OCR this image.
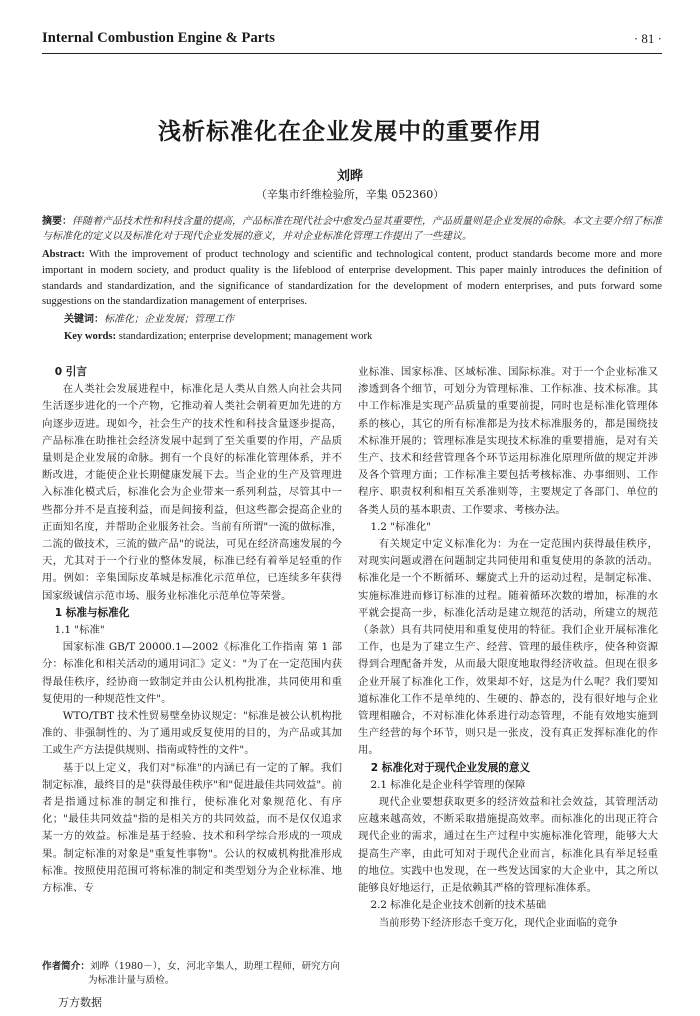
Internal Combustion Engine & Parts	· 81 ·
浅析标准化在企业发展中的重要作用
刘晔
（辛集市纤维检验所，辛集 052360）

摘要：伴随着产品技术性和科技含量的提高，产品标准在现代社会中愈发凸显其重要性，产品质量则是企业发展的命脉。本文主要介绍了标准与标准化的定义以及标准化对于现代企业发展的意义，并对企业标准化管理工作提出了一些建议。

Abstract: With the improvement of product technology and scientific and technological content, product standards become more and more important in modern society, and product quality is the lifeblood of enterprise development. This paper mainly introduces the definition of standards and standardization, and the significance of standardization for the development of modern enterprises, and puts forward some suggestions on the standardization management of enterprises.

关键词：标准化；企业发展；管理工作

Key words: standardization; enterprise development; management work

0 引言

在人类社会发展进程中，标准化是人类从自然人向社会共同生活逐步进化的一个产物，它推动着人类社会朝着更加先进的方向逐步迈进。现如今，社会生产的技术性和科技含量逐步提高，产品标准在助推社会经济发展中起到了至关重要的作用，产品质量则是企业发展的命脉。拥有一个良好的标准化管理体系，并不断改进，才能使企业长期健康发展下去。当企业的生产及管理进入标准化模式后，标准化会为企业带来一系列利益，尽管其中一些都分并不是直接利益，而是间接利益，但这些都会提高企业的正面知名度，并帮助企业服务社会。当前有所谓"一流的做标准，二流的做技术，三流的做产品"的说法，可见在经济高速发展的今天，尤其对于一个行业的整体发展，标准已经有着举足轻重的作用。例如：辛集国际皮革城是标准化示范单位，已连续多年获得国家级诚信示范市场、服务业标准化示范单位等荣誉。

1 标准与标准化

1.1 "标准"

国家标准 GB/T 20000.1—2002《标准化工作指南 第 1 部分：标准化和相关活动的通用词汇》定义："为了在一定范围内获得最佳秩序，经协商一致制定并由公认机构批准，共同使用和重复使用的一种规范性文件"。

WTO/TBT 技术性贸易壁垒协议规定："标准是被公认机构批准的、非强制性的、为了通用或反复使用的目的，为产品或其加工或生产方法提供规则、指南或特性的文件"。

基于以上定义，我们对"标准"的内涵已有一定的了解。我们制定标准，最终目的是"获得最佳秩序"和"促进最佳共同效益"。前者是指通过标准的制定和推行，使标准化对象规范化、有序化；"最佳共同效益"指的是相关方的共同效益，而不是仅仅追求某一方的效益。标准是基于经验、技术和科学综合形成的一项成果。制定标准的对象是"重复性事物"。公认的权威机构批准形成标准。按照使用范围可将标准的制定和类型划分为企业标准、地方标准、专

业标准、国家标准、区域标准、国际标准。对于一个企业标准又渗透到各个细节，可划分为管理标准、工作标准、技术标准。其中工作标准是实现产品质量的重要前提，同时也是标准化管理体系的核心，其它的所有标准都是为技术标准服务的，都是围绕技术标准开展的；管理标准是实现技术标准的重要措施，是对有关生产、技术和经营管理各个环节运用标准化原理所做的规定并涉及各个管理方面；工作标准主要包括考核标准、办事细则、工作程序、职责权利和相互关系准则等，主要规定了各部门、单位的各类人员的基本职责、工作要求、考核办法。

1.2 "标准化"

有关规定中定义标准化为：为在一定范围内获得最佳秩序，对现实问题或潜在问题制定共同使用和重复使用的条款的活动。标准化是一个不断循环、螺旋式上升的运动过程，是制定标准、实施标准进而修订标准的过程。随着循环次数的增加，标准的水平就会提高一步，标准化活动是建立规范的活动，所建立的规范（条款）具有共同使用和重复使用的特征。我们企业开展标准化工作，也是为了建立生产、经营、管理的最佳秩序，使各种资源得到合理配备并发，从而最大限度地取得经济收益。但现在很多企业开展了标准化工作，效果却不好，这是为什么呢？我们要知道标准化工作不是单纯的、生硬的、静态的，没有很好地与企业管理相融合，不对标准化体系进行动态管理，不能有效地实施到生产经营的每个环节，则只是一张皮，没有真正发挥标准化的作用。

2 标准化对于现代企业发展的意义

2.1 标准化是企业科学管理的保障

现代企业要想获取更多的经济效益和社会效益，其管理活动应越来越高效，不断采取措施提高效率。而标准化的出现正符合现代企业的需求，通过在生产过程中实施标准化管理，能够大大提高生产率，由此可知对于现代企业而言，标准化具有举足轻重的地位。实践中也发现，在一些发达国家的大企业中，其之所以能够良好地运行，正是依赖其严格的管理标准体系。

2.2 标准化是企业技术创新的技术基础

当前形势下经济形态千变万化，现代企业面临的竞争

作者简介：刘晔（1980－），女，河北辛集人，助理工程师，研究方向
为标准计量与质检。
万方数据
